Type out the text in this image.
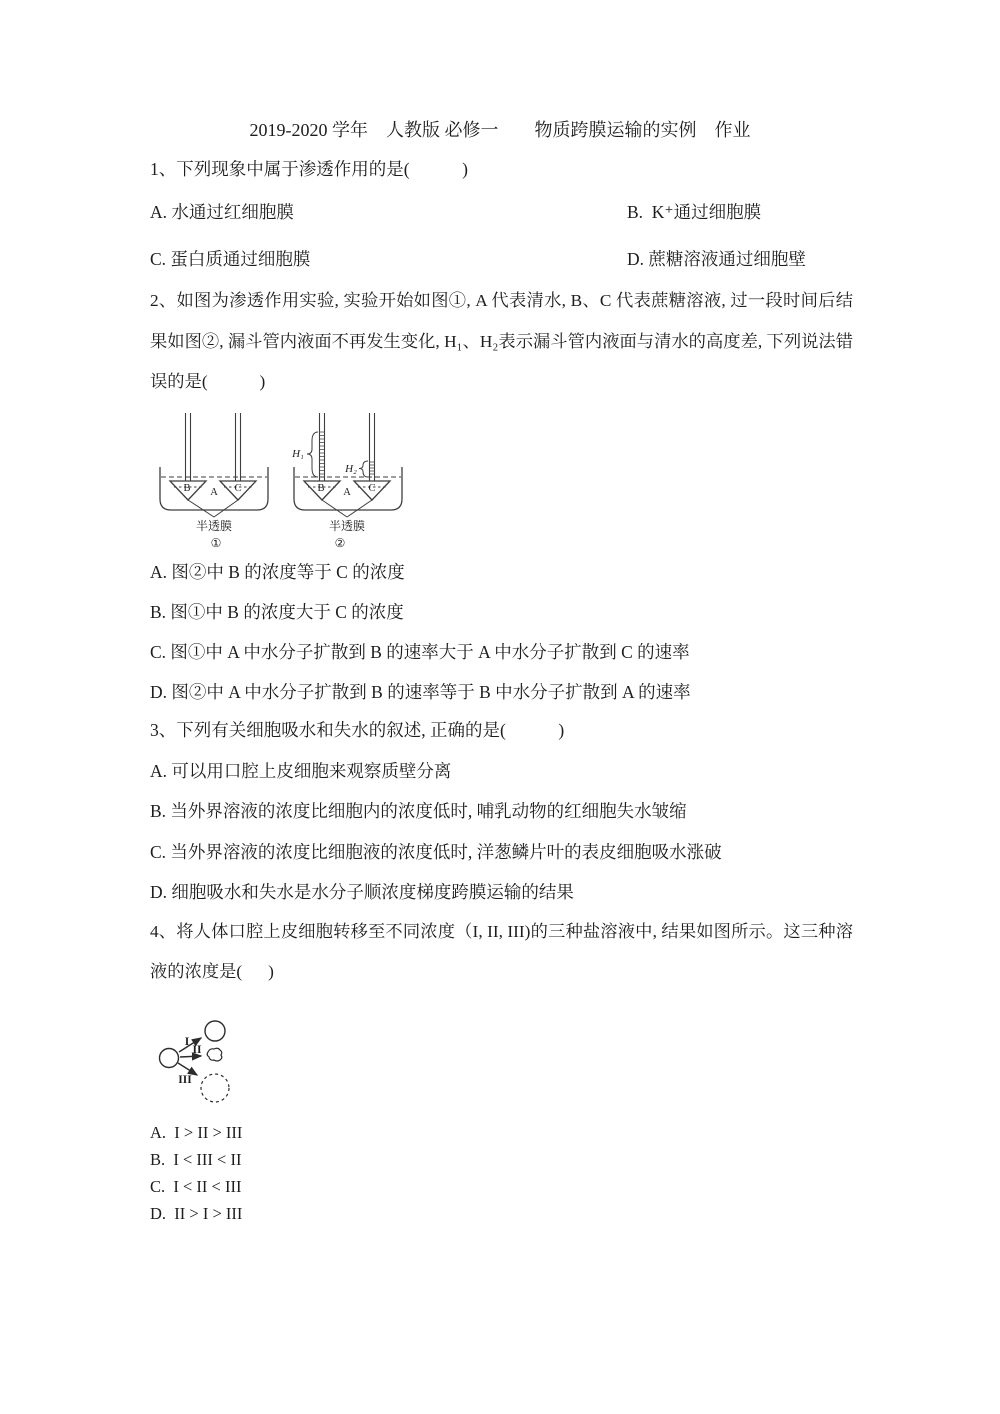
2019-2020 学年　人教版 必修一　　物质跨膜运输的实例　作业
1、下列现象中属于渗透作用的是(　　　)
A. 水通过红细胞膜	B. K⁺通过细胞膜
C. 蛋白质通过细胞膜	D. 蔗糖溶液通过细胞壁
2、如图为渗透作用实验, 实验开始如图①, A 代表清水, B、C 代表蔗糖溶液, 过一段时间后结果如图②, 漏斗管内液面不再发生变化, H₁、H₂表示漏斗管内液面与清水的高度差, 下列说法错误的是(　　　)
B A C
半透膜
①
B A C
半透膜
②
H₁
H₂
A. 图②中 B 的浓度等于 C 的浓度
B. 图①中 B 的浓度大于 C 的浓度
C. 图①中 A 中水分子扩散到 B 的速率大于 A 中水分子扩散到 C 的速率
D. 图②中 A 中水分子扩散到 B 的速率等于 B 中水分子扩散到 A 的速率
3、下列有关细胞吸水和失水的叙述, 正确的是(　　　)
A. 可以用口腔上皮细胞来观察质壁分离
B. 当外界溶液的浓度比细胞内的浓度低时, 哺乳动物的红细胞失水皱缩
C. 当外界溶液的浓度比细胞液的浓度低时, 洋葱鳞片叶的表皮细胞吸水涨破
D. 细胞吸水和失水是水分子顺浓度梯度跨膜运输的结果
4、将人体口腔上皮细胞转移至不同浓度（I, II, III)的三种盐溶液中, 结果如图所示。这三种溶液的浓度是(　 )
I
II
III
A. I > II > III
B. I < III < II
C. I < II < III
D. II > I > III
